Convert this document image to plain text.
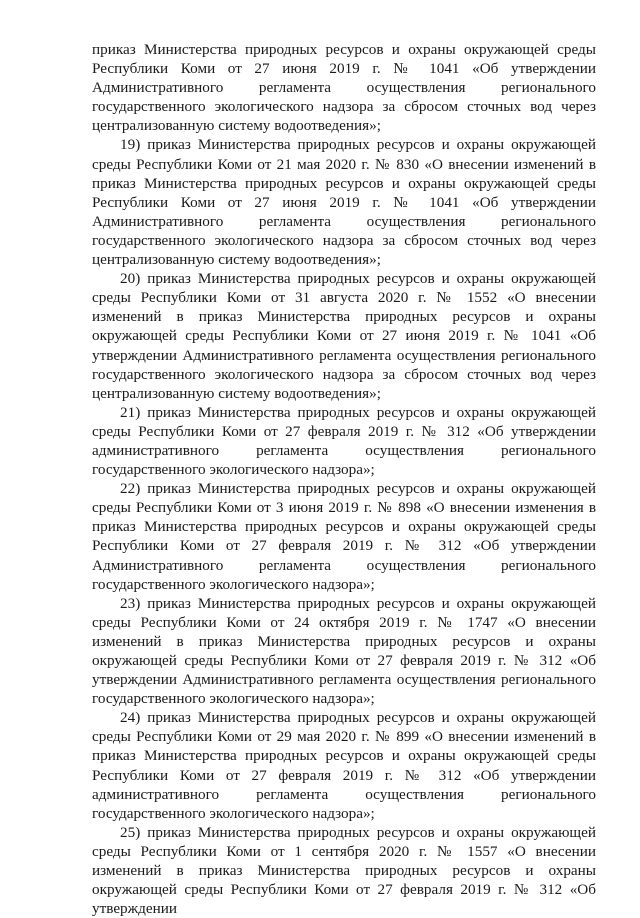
приказ Министерства природных ресурсов и охраны окружающей среды Республики Коми от 27 июня 2019 г. № 1041 «Об утверждении Административного регламента осуществления регионального государственного экологического надзора за сбросом сточных вод через централизованную систему водоотведения»;

19) приказ Министерства природных ресурсов и охраны окружающей среды Республики Коми от 21 мая 2020 г. № 830 «О внесении изменений в приказ Министерства природных ресурсов и охраны окружающей среды Республики Коми от 27 июня 2019 г. № 1041 «Об утверждении Административного регламента осуществления регионального государственного экологического надзора за сбросом сточных вод через централизованную систему водоотведения»;

20) приказ Министерства природных ресурсов и охраны окружающей среды Республики Коми от 31 августа 2020 г. № 1552 «О внесении изменений в приказ Министерства природных ресурсов и охраны окружающей среды Республики Коми от 27 июня 2019 г. № 1041 «Об утверждении Административного регламента осуществления регионального государственного экологического надзора за сбросом сточных вод через централизованную систему водоотведения»;

21) приказ Министерства природных ресурсов и охраны окружающей среды Республики Коми от 27 февраля 2019 г. № 312 «Об утверждении административного регламента осуществления регионального государственного экологического надзора»;

22) приказ Министерства природных ресурсов и охраны окружающей среды Республики Коми от 3 июня 2019 г. № 898 «О внесении изменения в приказ Министерства природных ресурсов и охраны окружающей среды Республики Коми от 27 февраля 2019 г. № 312 «Об утверждении Административного регламента осуществления регионального государственного экологического надзора»;

23) приказ Министерства природных ресурсов и охраны окружающей среды Республики Коми от 24 октября 2019 г. № 1747 «О внесении изменений в приказ Министерства природных ресурсов и охраны окружающей среды Республики Коми от 27 февраля 2019 г. № 312 «Об утверждении Административного регламента осуществления регионального государственного экологического надзора»;

24) приказ Министерства природных ресурсов и охраны окружающей среды Республики Коми от 29 мая 2020 г. № 899 «О внесении изменений в приказ Министерства природных ресурсов и охраны окружающей среды Республики Коми от 27 февраля 2019 г. № 312 «Об утверждении административного регламента осуществления регионального государственного экологического надзора»;

25) приказ Министерства природных ресурсов и охраны окружающей среды Республики Коми от 1 сентября 2020 г. № 1557 «О внесении изменений в приказ Министерства природных ресурсов и охраны окружающей среды Республики Коми от 27 февраля 2019 г. № 312 «Об утверждении
